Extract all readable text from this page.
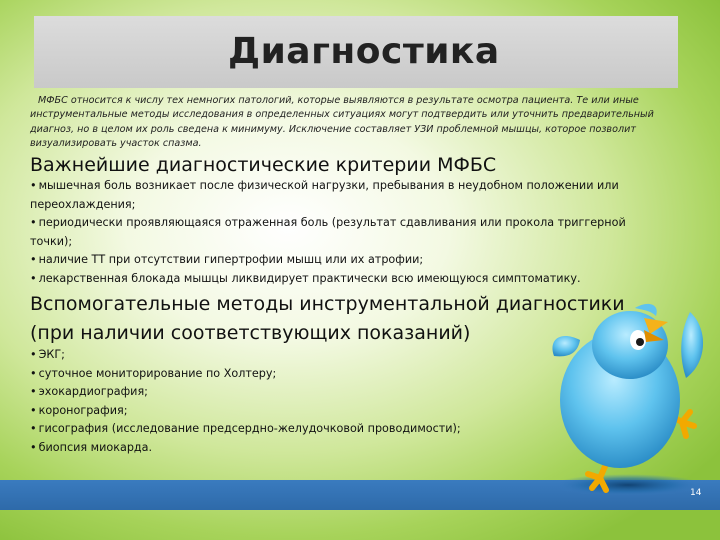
Диагностика

МФБС относится к числу тех немногих патологий, которые выявляются в результате осмотра пациента. Те или иные инструментальные методы исследования в определенных ситуациях могут подтвердить или уточнить предварительный диагноз, но в целом их роль сведена к минимуму. Исключение составляет УЗИ проблемной мышцы, которое позволит визуализировать участок спазма.

Важнейшие диагностические критерии МФБС
• мышечная боль возникает после физической нагрузки, пребывания в неудобном положении или переохлаждения;
• периодически проявляющаяся отраженная боль (результат сдавливания или прокола триггерной точки);
• наличие ТТ при отсутствии гипертрофии мышц или их атрофии;
• лекарственная блокада мышцы ликвидирует практически всю имеющуюся симптоматику.
Вспомогательные методы инструментальной диагностики (при наличии соответствующих показаний)
• ЭКГ;
• суточное мониторирование по Холтеру;
• эхокардиография;
• коронография;
• гисография (исследование предсердно-желудочковой проводимости);
• биопсия миокарда.
14
